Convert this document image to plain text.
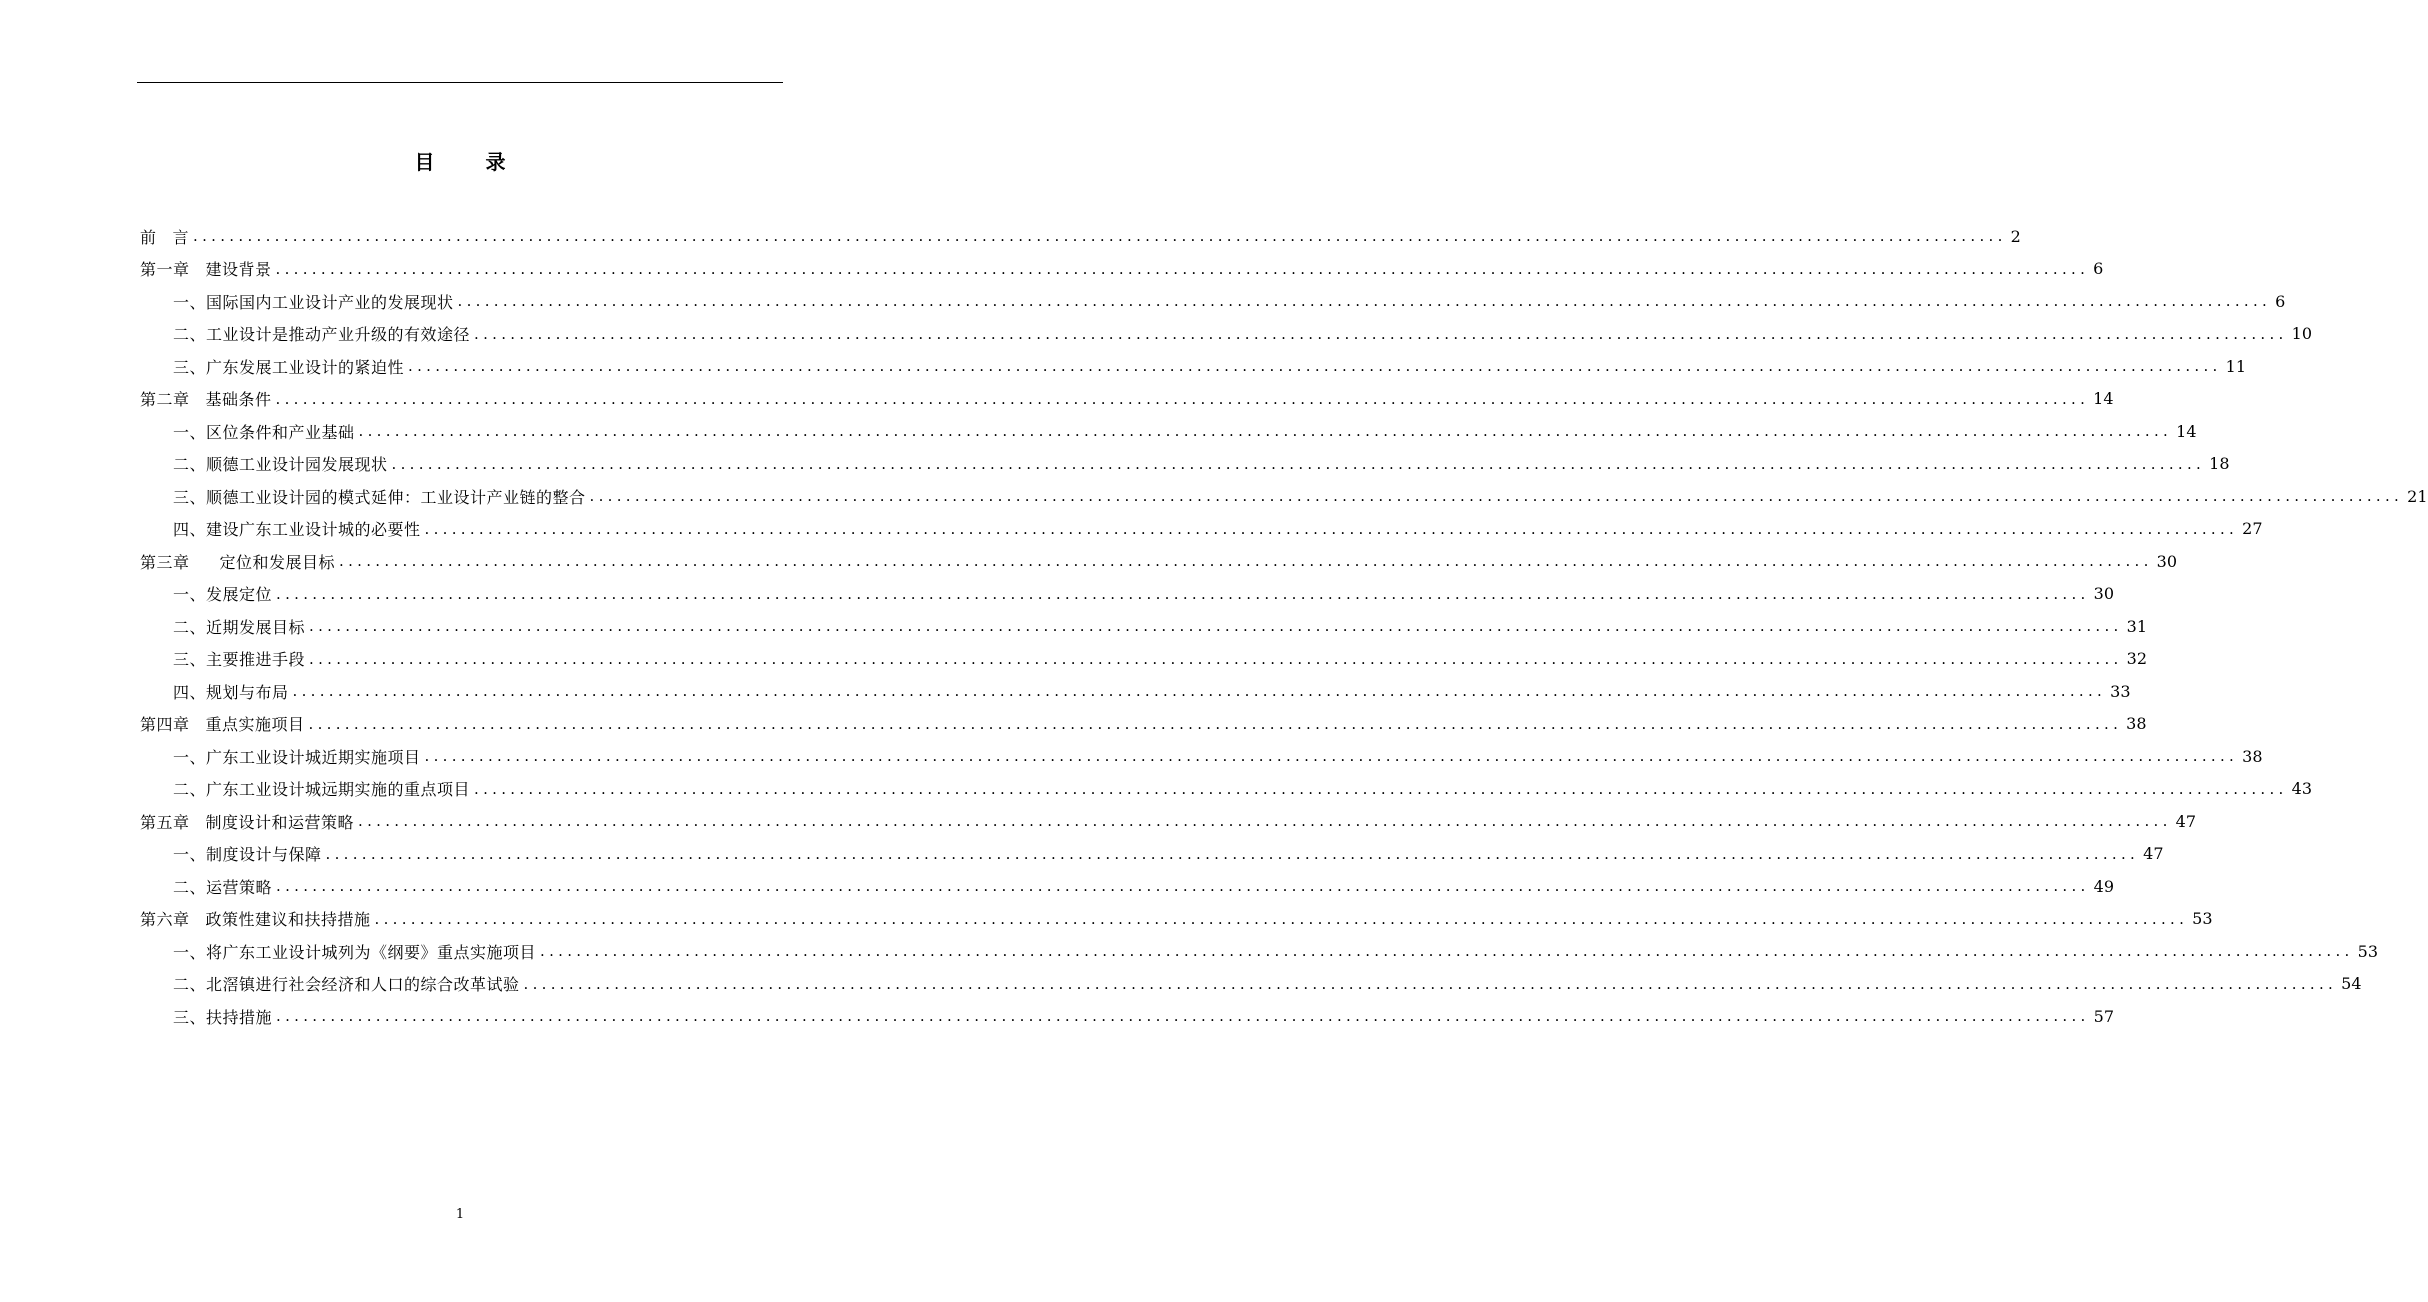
目 录
前 言 ........................................................................................................................................................................................................ 2
第一章 建设背景 ........................................................................................................................................................................................................ 6
一、国际国内工业设计产业的发展现状 ........................................................................................................................................................................................................ 6
二、工业设计是推动产业升级的有效途径 ........................................................................................................................................................................................................ 10
三、广东发展工业设计的紧迫性 ........................................................................................................................................................................................................ 11
第二章 基础条件 ........................................................................................................................................................................................................ 14
一、区位条件和产业基础 ........................................................................................................................................................................................................ 14
二、顺德工业设计园发展现状 ........................................................................................................................................................................................................ 18
三、顺德工业设计园的模式延伸：工业设计产业链的整合 ........................................................................................................................................................................................................ 21
四、建设广东工业设计城的必要性 ........................................................................................................................................................................................................ 27
第三章 定位和发展目标 ........................................................................................................................................................................................................ 30
一、发展定位 ........................................................................................................................................................................................................ 30
二、近期发展目标 ........................................................................................................................................................................................................ 31
三、主要推进手段 ........................................................................................................................................................................................................ 32
四、规划与布局 ........................................................................................................................................................................................................ 33
第四章 重点实施项目 ........................................................................................................................................................................................................ 38
一、广东工业设计城近期实施项目 ........................................................................................................................................................................................................ 38
二、广东工业设计城远期实施的重点项目 ........................................................................................................................................................................................................ 43
第五章 制度设计和运营策略 ........................................................................................................................................................................................................ 47
一、制度设计与保障 ........................................................................................................................................................................................................ 47
二、运营策略 ........................................................................................................................................................................................................ 49
第六章 政策性建议和扶持措施 ........................................................................................................................................................................................................ 53
一、将广东工业设计城列为《纲要》重点实施项目 ........................................................................................................................................................................................................ 53
二、北滘镇进行社会经济和人口的综合改革试验 ........................................................................................................................................................................................................ 54
三、扶持措施 ........................................................................................................................................................................................................ 57
1
